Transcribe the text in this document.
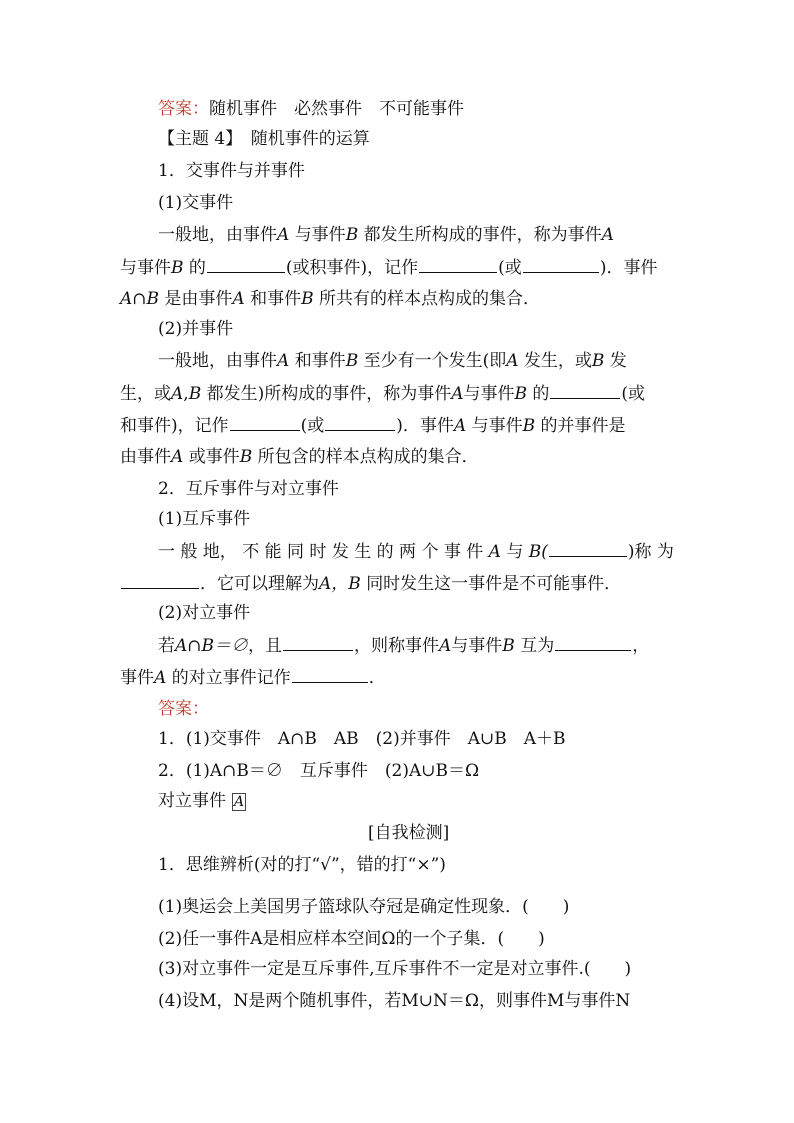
答案：随机事件　必然事件　不可能事件
【主题 4】　 随机事件的运算
1．交事件与并事件
(1)交事件
一般地，由事件A 与事件B 都发生所构成的事件，称为事件A
与事件B 的	(或积事件)，记作	(或	)．事件
A∩B 是由事件A 和事件B 所共有的样本点构成的集合．
(2)并事件
一般地，由事件A 和事件B 至少有一个发生(即A 发生，或B 发
生，或A,B 都发生)所构成的事件，称为事件A与事件B 的	(或
和事件)，记作	(或	)．事件A 与事件B 的并事件是
由事件A 或事件B 所包含的样本点构成的集合．
2．互斥事件与对立事件
(1)互斥事件
一 般 地， 不 能 同 时 发 生 的 两 个 事 件 A 与 B(	)称 为
．它可以理解为A，B 同时发生这一事件是不可能事件．
(2)对立事件
若A∩B＝∅，且	，则称事件A与事件B 互为	，
事件A 的对立事件记作	．
答案：
1．(1)交事件　A∩B　AB　(2)并事件　A∪B　A＋B
2．(1)A∩B＝∅　互斥事件　(2)A∪B＝Ω
对立事件 A
[自我检测]
1．思维辨析(对的打“√”，错的打“×”)
(1)奥运会上美国男子篮球队夺冠是确定性现象．(　　)
(2)任一事件A是相应样本空间Ω的一个子集．(　　)
(3)对立事件一定是互斥事件,互斥事件不一定是对立事件.(　　)
(4)设M，N是两个随机事件，若M∪N＝Ω，则事件M与事件N
